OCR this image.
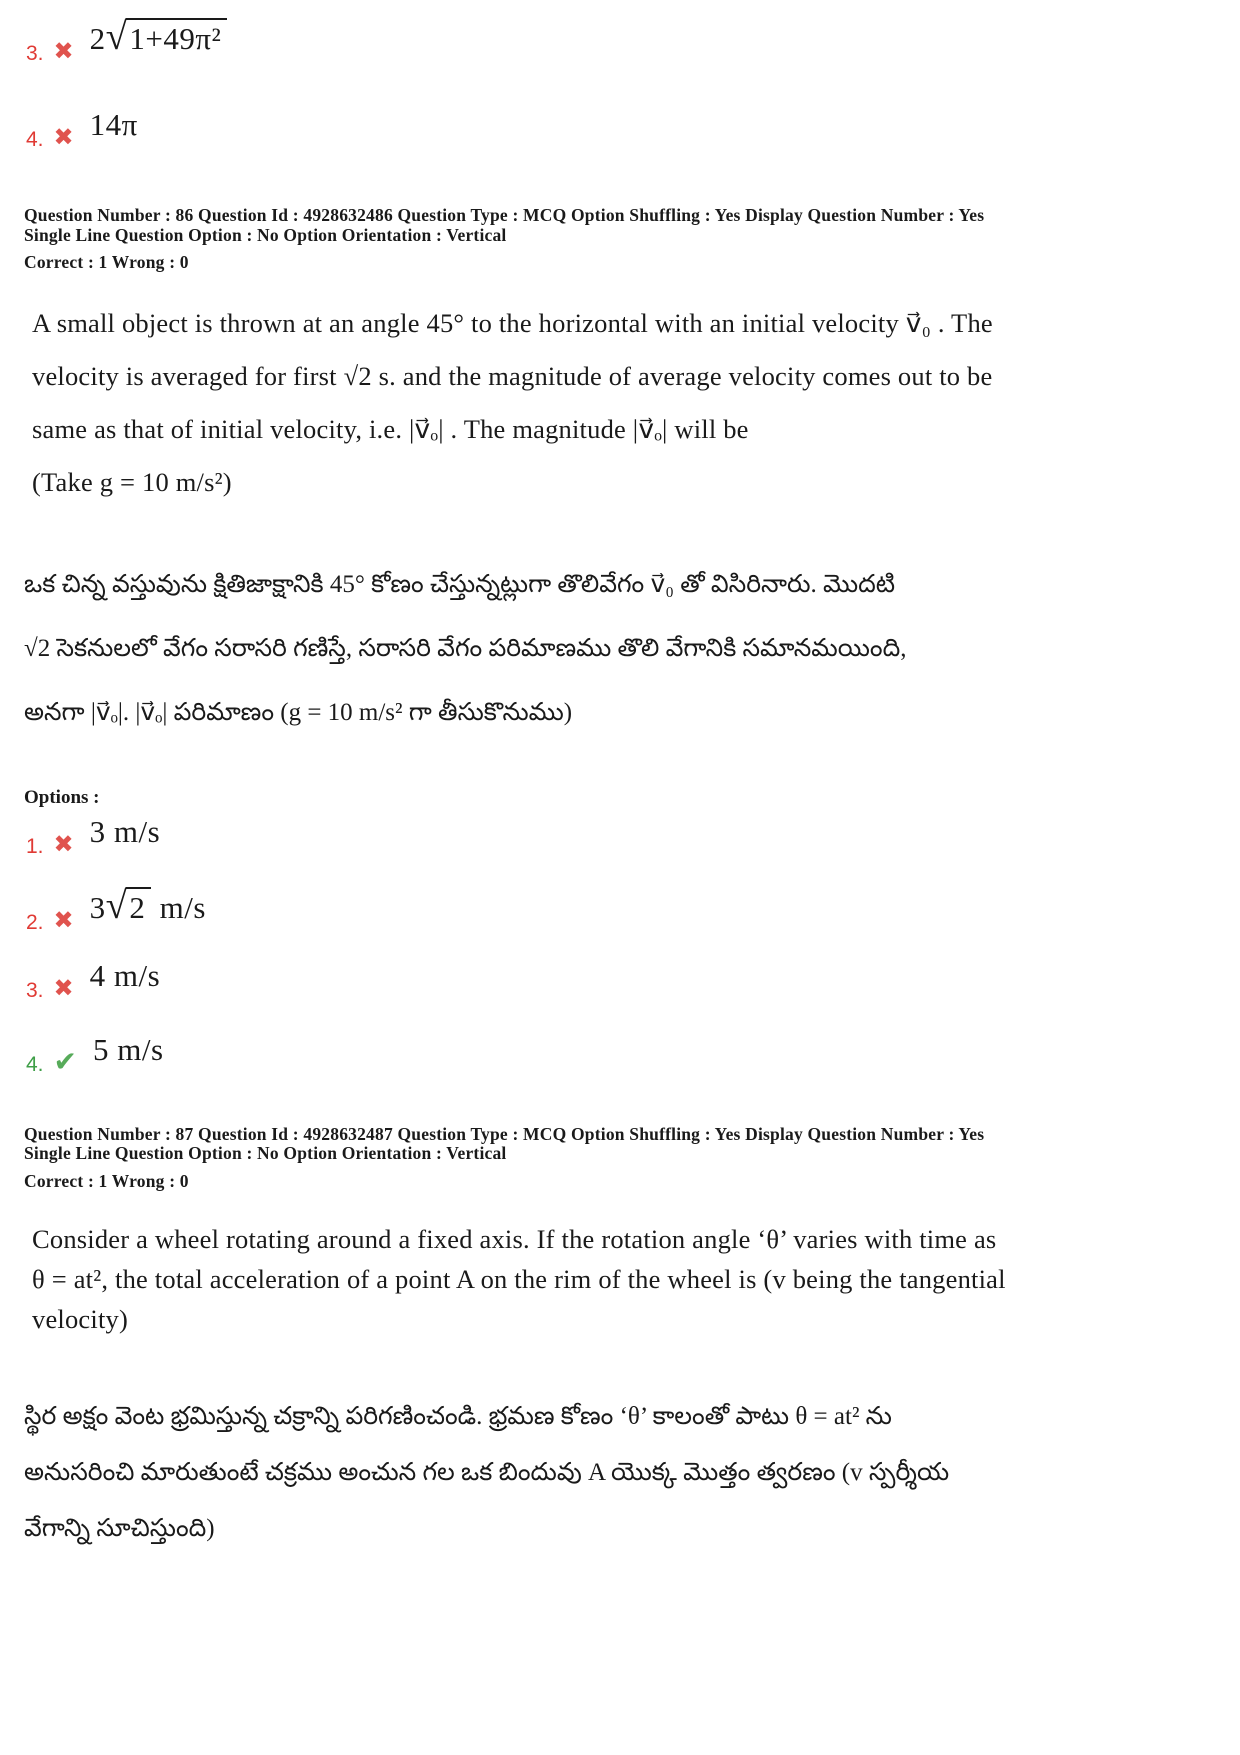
3. ✖ 2√1+49π²
4. ✖ 14π
Question Number : 86 Question Id : 4928632486 Question Type : MCQ Option Shuffling : Yes Display Question Number : Yes
Single Line Question Option : No Option Orientation : Vertical
Correct : 1 Wrong : 0
A small object is thrown at an angle 45° to the horizontal with an initial velocity v⃗₀ . The
velocity is averaged for first √2 s. and the magnitude of average velocity comes out to be
same as that of initial velocity, i.e. |v⃗ₒ| . The magnitude |v⃗ₒ| will be
(Take g = 10 m/s²)
ఒక చిన్న వస్తువును క్షితిజాక్షానికి 45° కోణం చేస్తున్నట్లుగా తొలివేగం v⃗₀ తో విసిరినారు. మొదటి
√2 సెకనులలో వేగం సరాసరి గణిస్తే, సరాసరి వేగం పరిమాణము తొలి వేగానికి సమానమయింది,
అనగా |v⃗ₒ|. |v⃗ₒ| పరిమాణం (g = 10 m/s² గా తీసుకొనుము)
Options :
1. ✖ 3 m/s
2. ✖ 3√2 m/s
3. ✖ 4 m/s
4. ✔ 5 m/s
Question Number : 87 Question Id : 4928632487 Question Type : MCQ Option Shuffling : Yes Display Question Number : Yes
Single Line Question Option : No Option Orientation : Vertical
Correct : 1 Wrong : 0
Consider a wheel rotating around a fixed axis. If the rotation angle ‘θ’ varies with time as
θ = at², the total acceleration of a point A on the rim of the wheel is (v being the tangential
velocity)
స్థిర అక్షం వెంట భ్రమిస్తున్న చక్రాన్ని పరిగణించండి. భ్రమణ కోణం ‘θ’ కాలంతో పాటు θ = at² ను
అనుసరించి మారుతుంటే చక్రము అంచున గల ఒక బిందువు A యొక్క మొత్తం త్వరణం (v స్పర్శీయ
వేగాన్ని సూచిస్తుంది)
